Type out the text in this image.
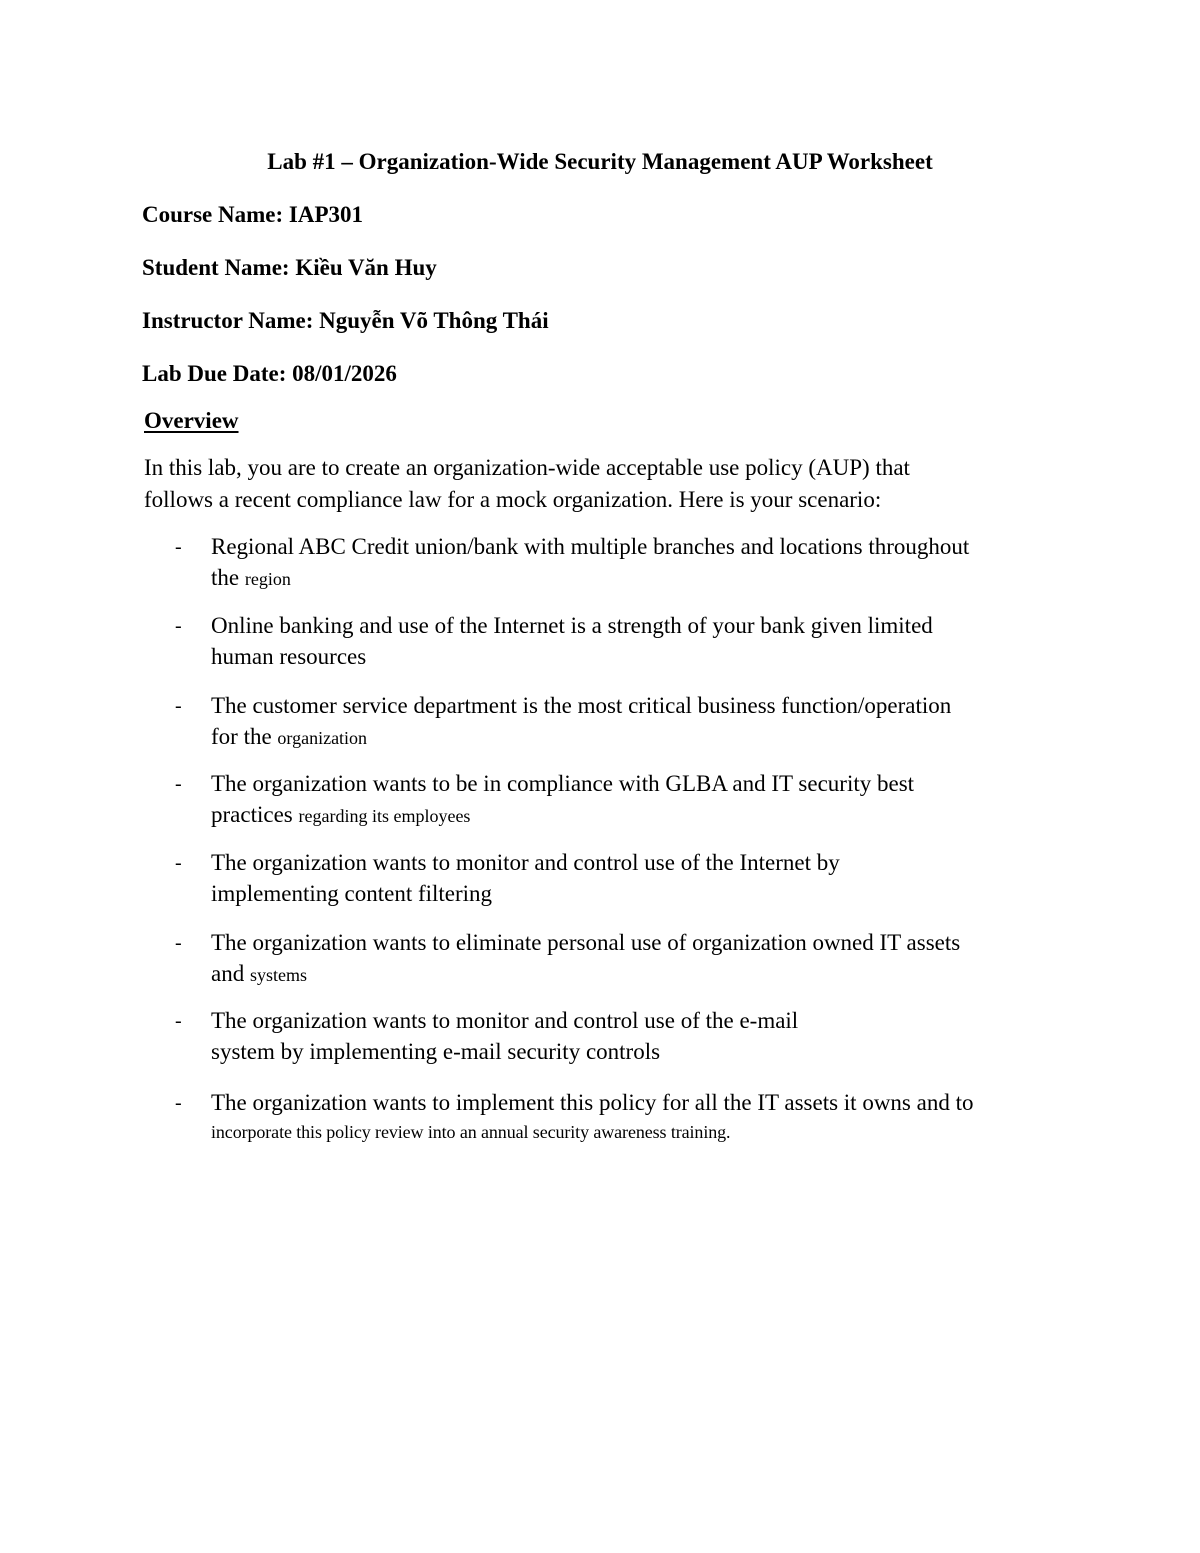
Lab #1 – Organization-Wide Security Management AUP Worksheet
Course Name: IAP301
Student Name: Kiều Văn Huy
Instructor Name: Nguyễn Võ Thông Thái
Lab Due Date: 08/01/2026
Overview
In this lab, you are to create an organization-wide acceptable use policy (AUP) that
follows a recent compliance law for a mock organization. Here is your scenario:
- Regional ABC Credit union/bank with multiple branches and locations throughout
the region
- Online banking and use of the Internet is a strength of your bank given limited
human resources
- The customer service department is the most critical business function/operation
for the organization
- The organization wants to be in compliance with GLBA and IT security best
practices regarding its employees
- The organization wants to monitor and control use of the Internet by
implementing content filtering
- The organization wants to eliminate personal use of organization owned IT assets
and systems
- The organization wants to monitor and control use of the e-mail
system by implementing e-mail security controls
- The organization wants to implement this policy for all the IT assets it owns and to
incorporate this policy review into an annual security awareness training.
